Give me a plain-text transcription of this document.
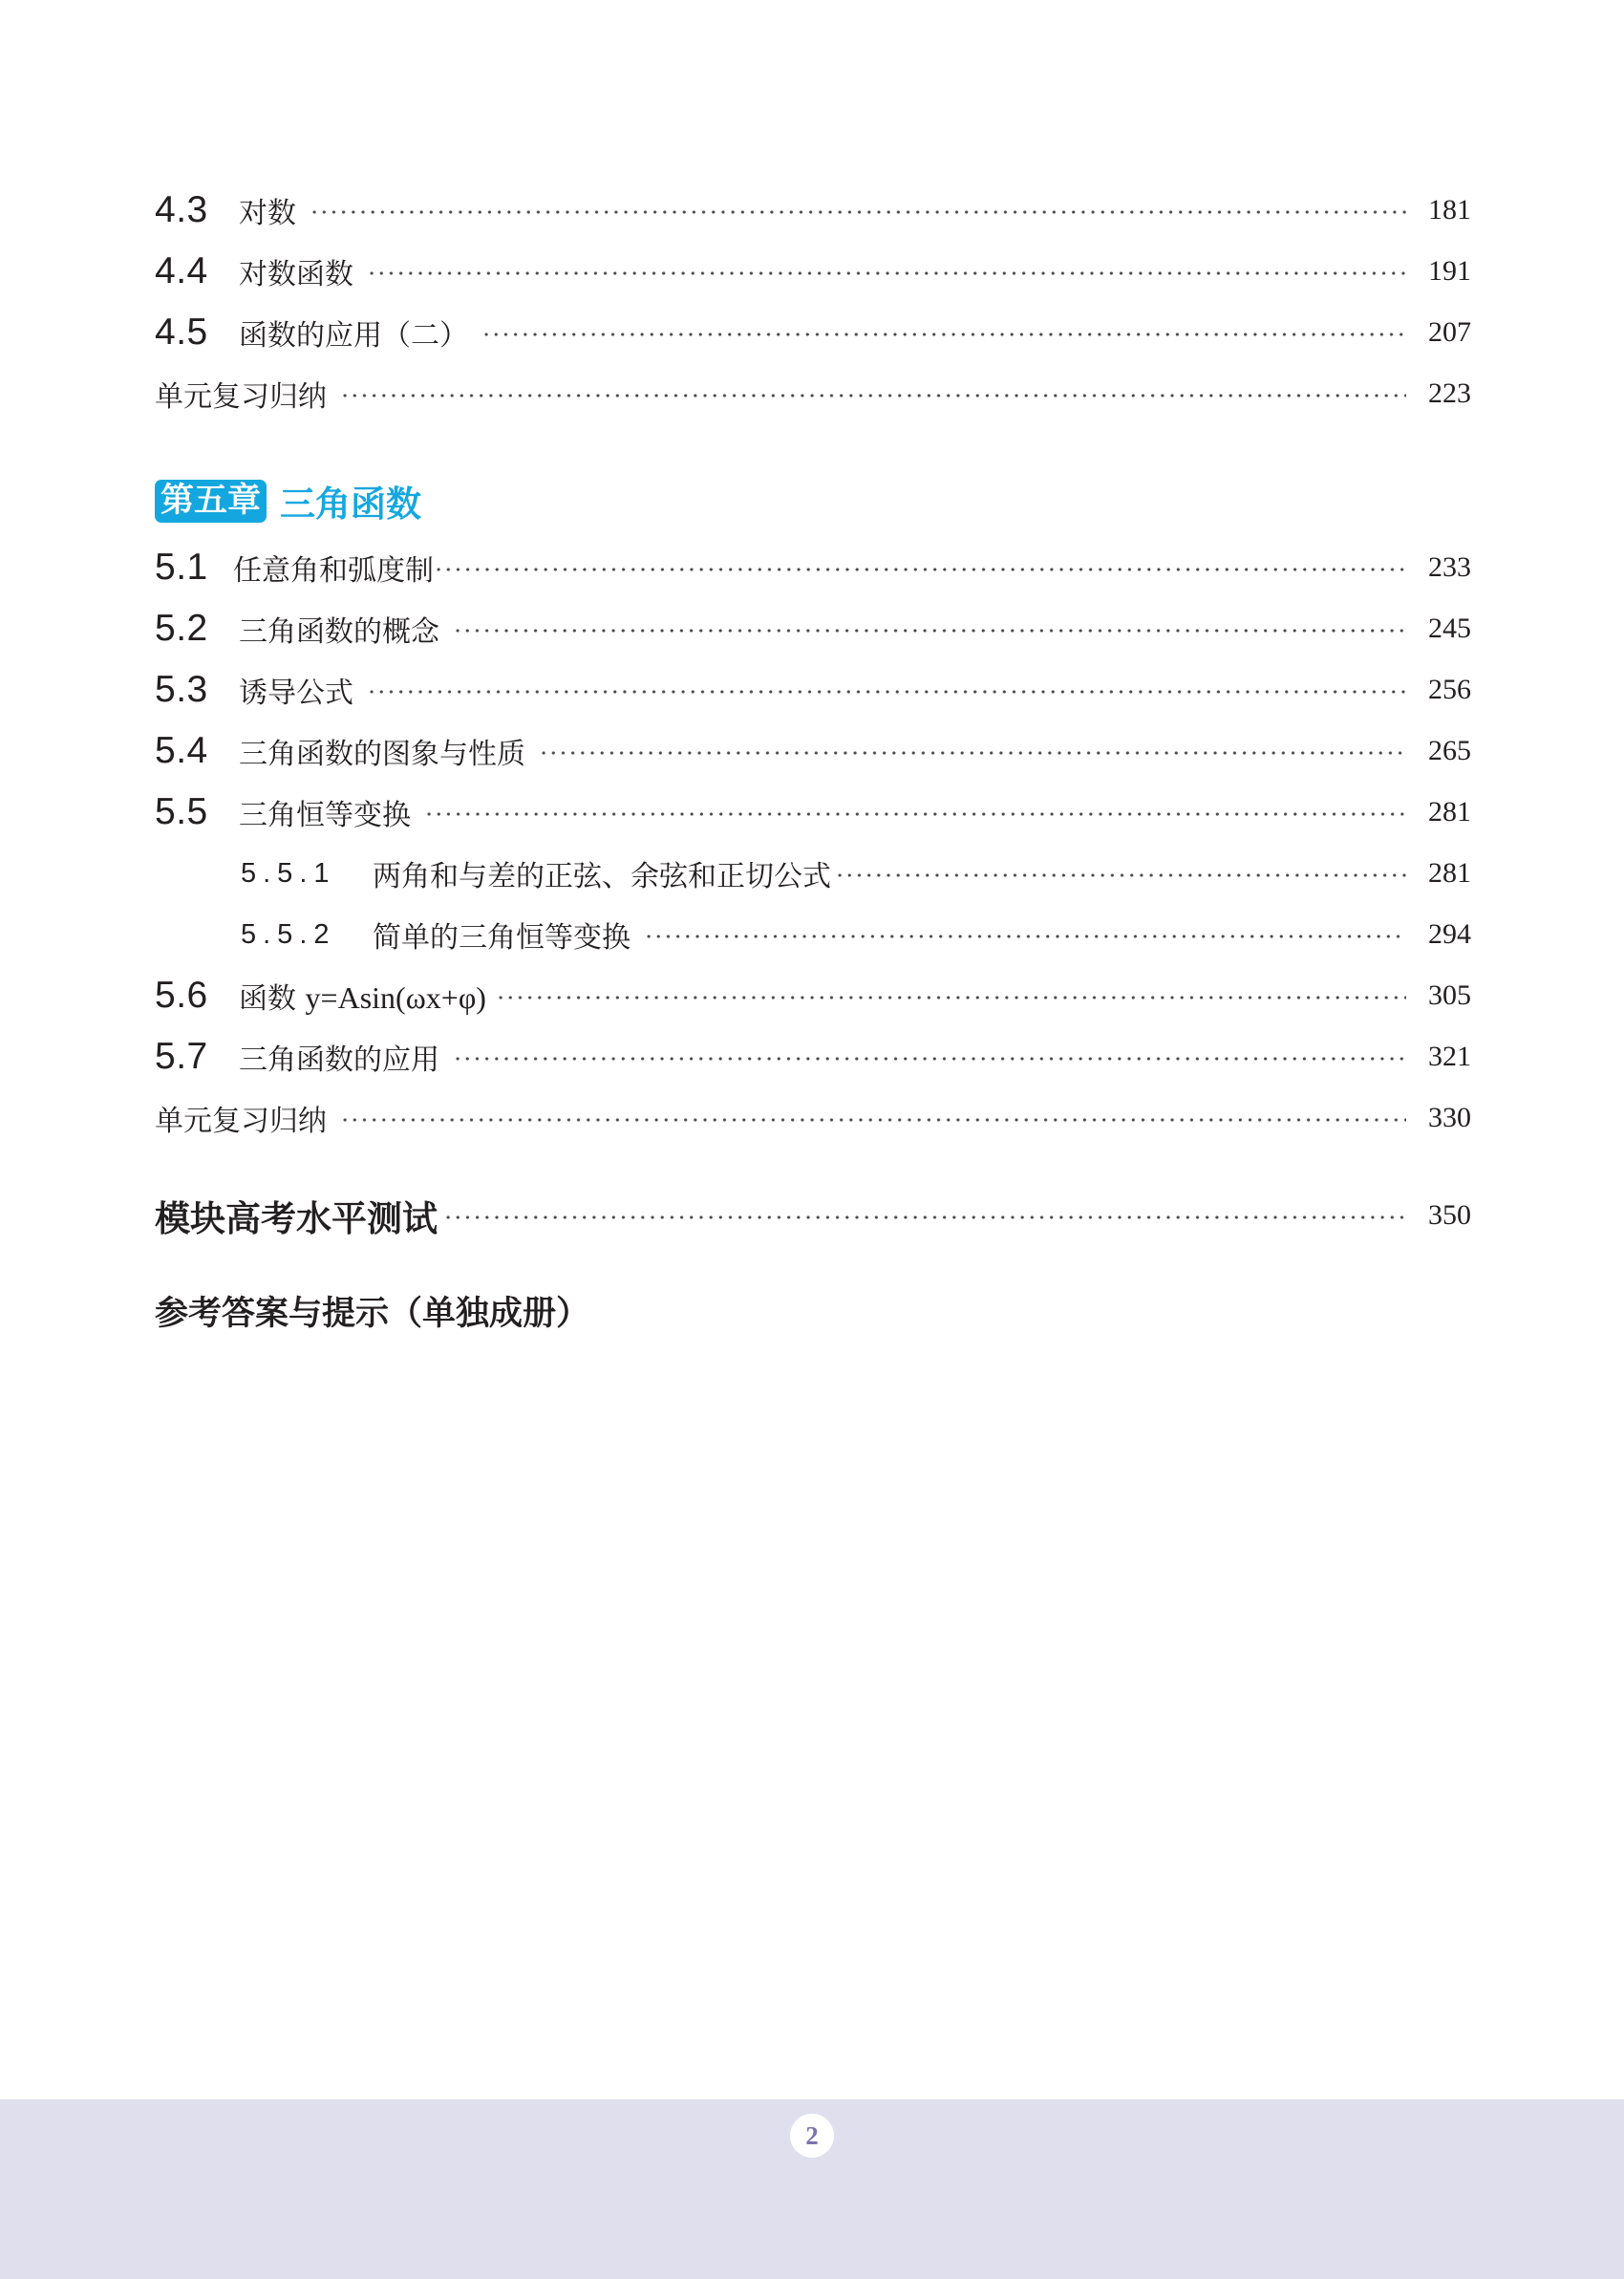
4.3	对数	181
4.4	对数函数	191
4.5	函数的应用（二）	207
单元复习归纳	223
第五章 三角函数
5.1 任意角和弧度制	233
5.2	三角函数的概念	245
5.3	诱导公式	256
5.4	三角函数的图象与性质	265
5.5	三角恒等变换	281
5.5.1	两角和与差的正弦、余弦和正切公式	281
5.5.2	简单的三角恒等变换	294
5.6	函数 y=Asin(ωx+φ)	305
5.7	三角函数的应用	321
单元复习归纳	330
模块高考水平测试	350
参考答案与提示（单独成册）
2
